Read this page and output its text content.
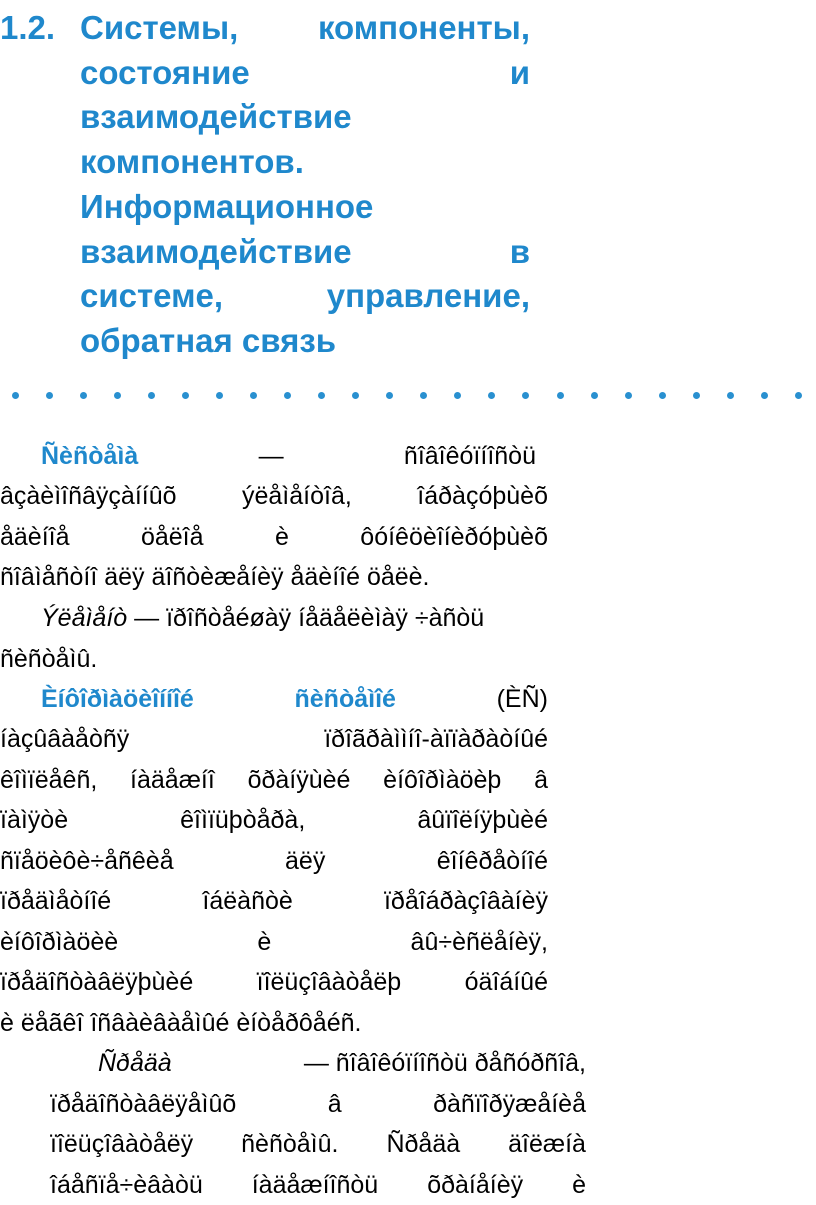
1.2. Системы, компоненты,
состояние и
взаимодействие
компонентов.
Информационное
взаимодействие в
системе, управление,
обратная связь
Ñèñòåìà	—	ñîâîêóïíîñòü
âçàèìîñâÿçàííûõ	ýëåìåíòîâ,	îáðàçóþùèõ
åäèíîå	öåëîå	è	ôóíêöèîíèðóþùèõ
ñîâìåñòíî äëÿ äîñòèæåíèÿ åäèíîé öåëè.
Ýëåìåíò — ïðîñòåéøàÿ íåäåëèìàÿ ÷àñòü
ñèñòåìû.
Èíôîðìàöèîííîé	ñèñòåìîé	(ÈÑ)
íàçûâàåòñÿ	ïðîãðàììíî-àïïàðàòíûé
êîìïëåêñ, íàäåæíî õðàíÿùèé èíôîðìàöèþ â
ïàìÿòè	êîìïüþòåðà,	âûïîëíÿþùèé
ñïåöèôè÷åñêèå	äëÿ	êîíêðåòíîé
ïðåäìåòíîé	îáëàñòè	ïðåîáðàçîâàíèÿ
èíôîðìàöèè	è	âû÷èñëåíèÿ,
ïðåäîñòàâëÿþùèé	ïîëüçîâàòåëþ	óäîáíûé
è ëåãêî îñâàèâàåìûé èíòåðôåéñ.
Ñðåäà	— ñîâîêóïíîñòü ðåñóðñîâ,
ïðåäîñòàâëÿåìûõ	â	ðàñïîðÿæåíèå
ïîëüçîâàòåëÿ ñèñòåìû. Ñðåäà äîëæíà
îáåñïå÷èâàòü íàäåæíîñòü õðàíåíèÿ è
